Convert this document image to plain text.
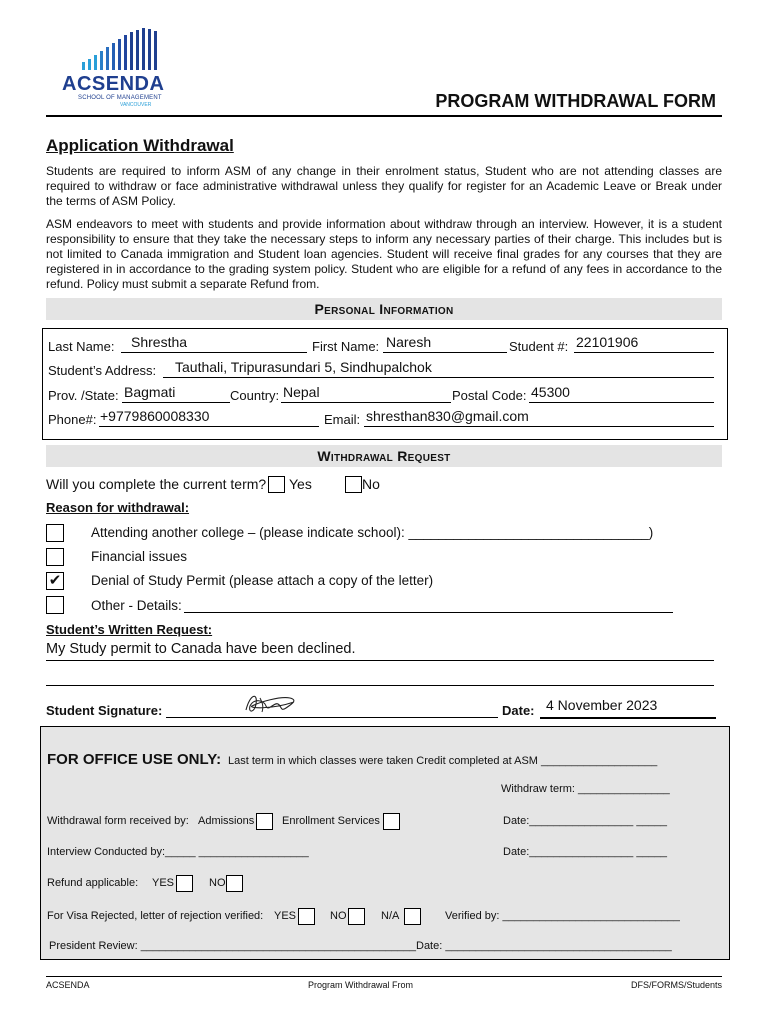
ACSENDA
SCHOOL OF MANAGEMENT
VANCOUVER	PROGRAM WITHDRAWAL FORM
Application Withdrawal
Students are required to inform ASM of any change in their enrolment status, Student who are not attending classes are required to withdraw or face administrative withdrawal unless they qualify for register for an Academic Leave or Break under the terms of ASM Policy.
ASM endeavors to meet with students and provide information about withdraw through an interview. However, it is a student responsibility to ensure that they take the necessary steps to inform any necessary parties of their charge. This includes but is not limited to Canada immigration and Student loan agencies. Student will receive final grades for any courses that they are registered in in accordance to the grading system policy. Student who are eligible for a refund of any fees in accordance to the refund. Policy must submit a separate Refund from.
Personal Information
Last Name: Shrestha	First Name: Naresh	Student #: 22101906
Student’s Address: Tauthali, Tripurasundari 5, Sindhupalchok
Prov. /State: Bagmati	Country: Nepal	Postal Code: 45300
Phone#: +9779860008330	Email: shresthan830@gmail.com
Withdrawal Request
Will you complete the current term? Yes	No
Reason for withdrawal:
Attending another college – (please indicate school): ________________________________)
Financial issues
✔ Denial of Study Permit (please attach a copy of the letter)
Other - Details:
Student’s Written Request:
My Study permit to Canada have been declined.
Student Signature:	Date: 4 November 2023
FOR OFFICE USE ONLY: Last term in which classes were taken Credit completed at ASM ___________________
Withdraw term: _______________
Withdrawal form received by: Admissions	Enrollment Services	Date:_________________ _____
Interview Conducted by:_____ __________________	Date:_________________ _____
Refund applicable: YES	NO
For Visa Rejected, letter of rejection verified: YES	NO	N/A	Verified by: _____________________________
President Review: _____________________________________________ Date: _____________________________________
ACSENDA	Program Withdrawal From	DFS/FORMS/Students
